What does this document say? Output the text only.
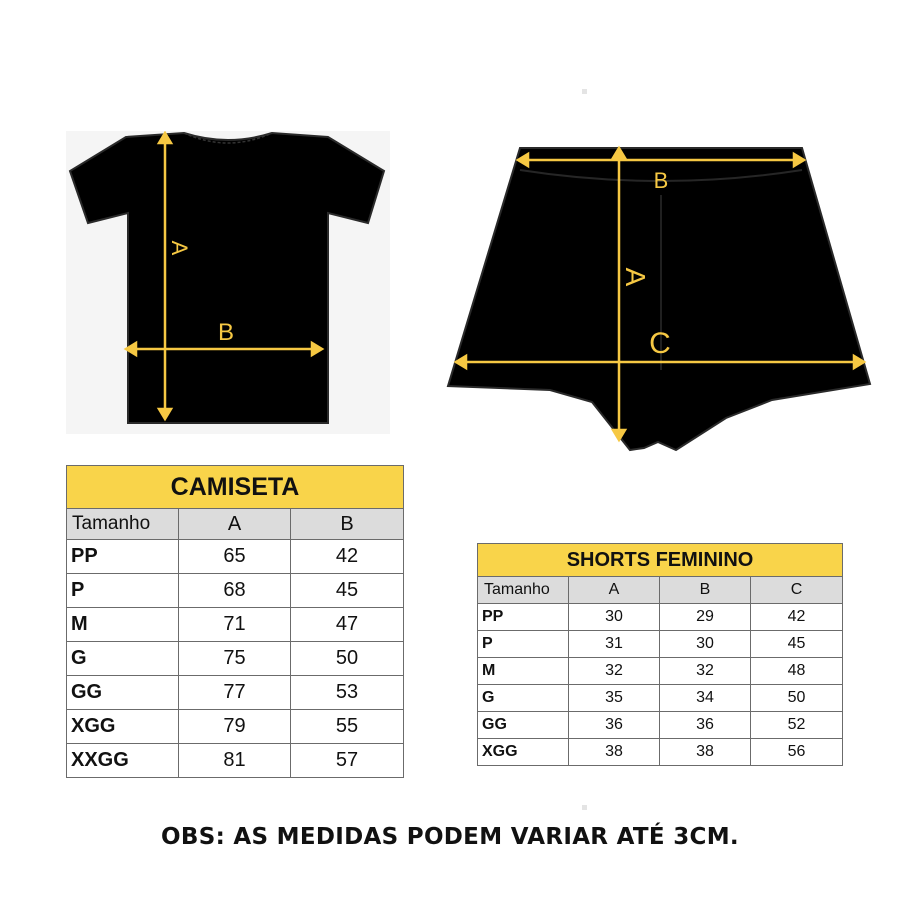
A
B
B
A
C
CAMISETA		
Tamanho	A	B
PP	65	42
P	68	45
M	71	47
G	75	50
GG	77	53
XGG	79	55
XXGG	81	57
SHORTS FEMININO			
Tamanho	A	B	C
PP	30	29	42
P	31	30	45
M	32	32	48
G	35	34	50
GG	36	36	52
XGG	38	38	56
OBS: AS MEDIDAS PODEM VARIAR ATÉ 3CM.
